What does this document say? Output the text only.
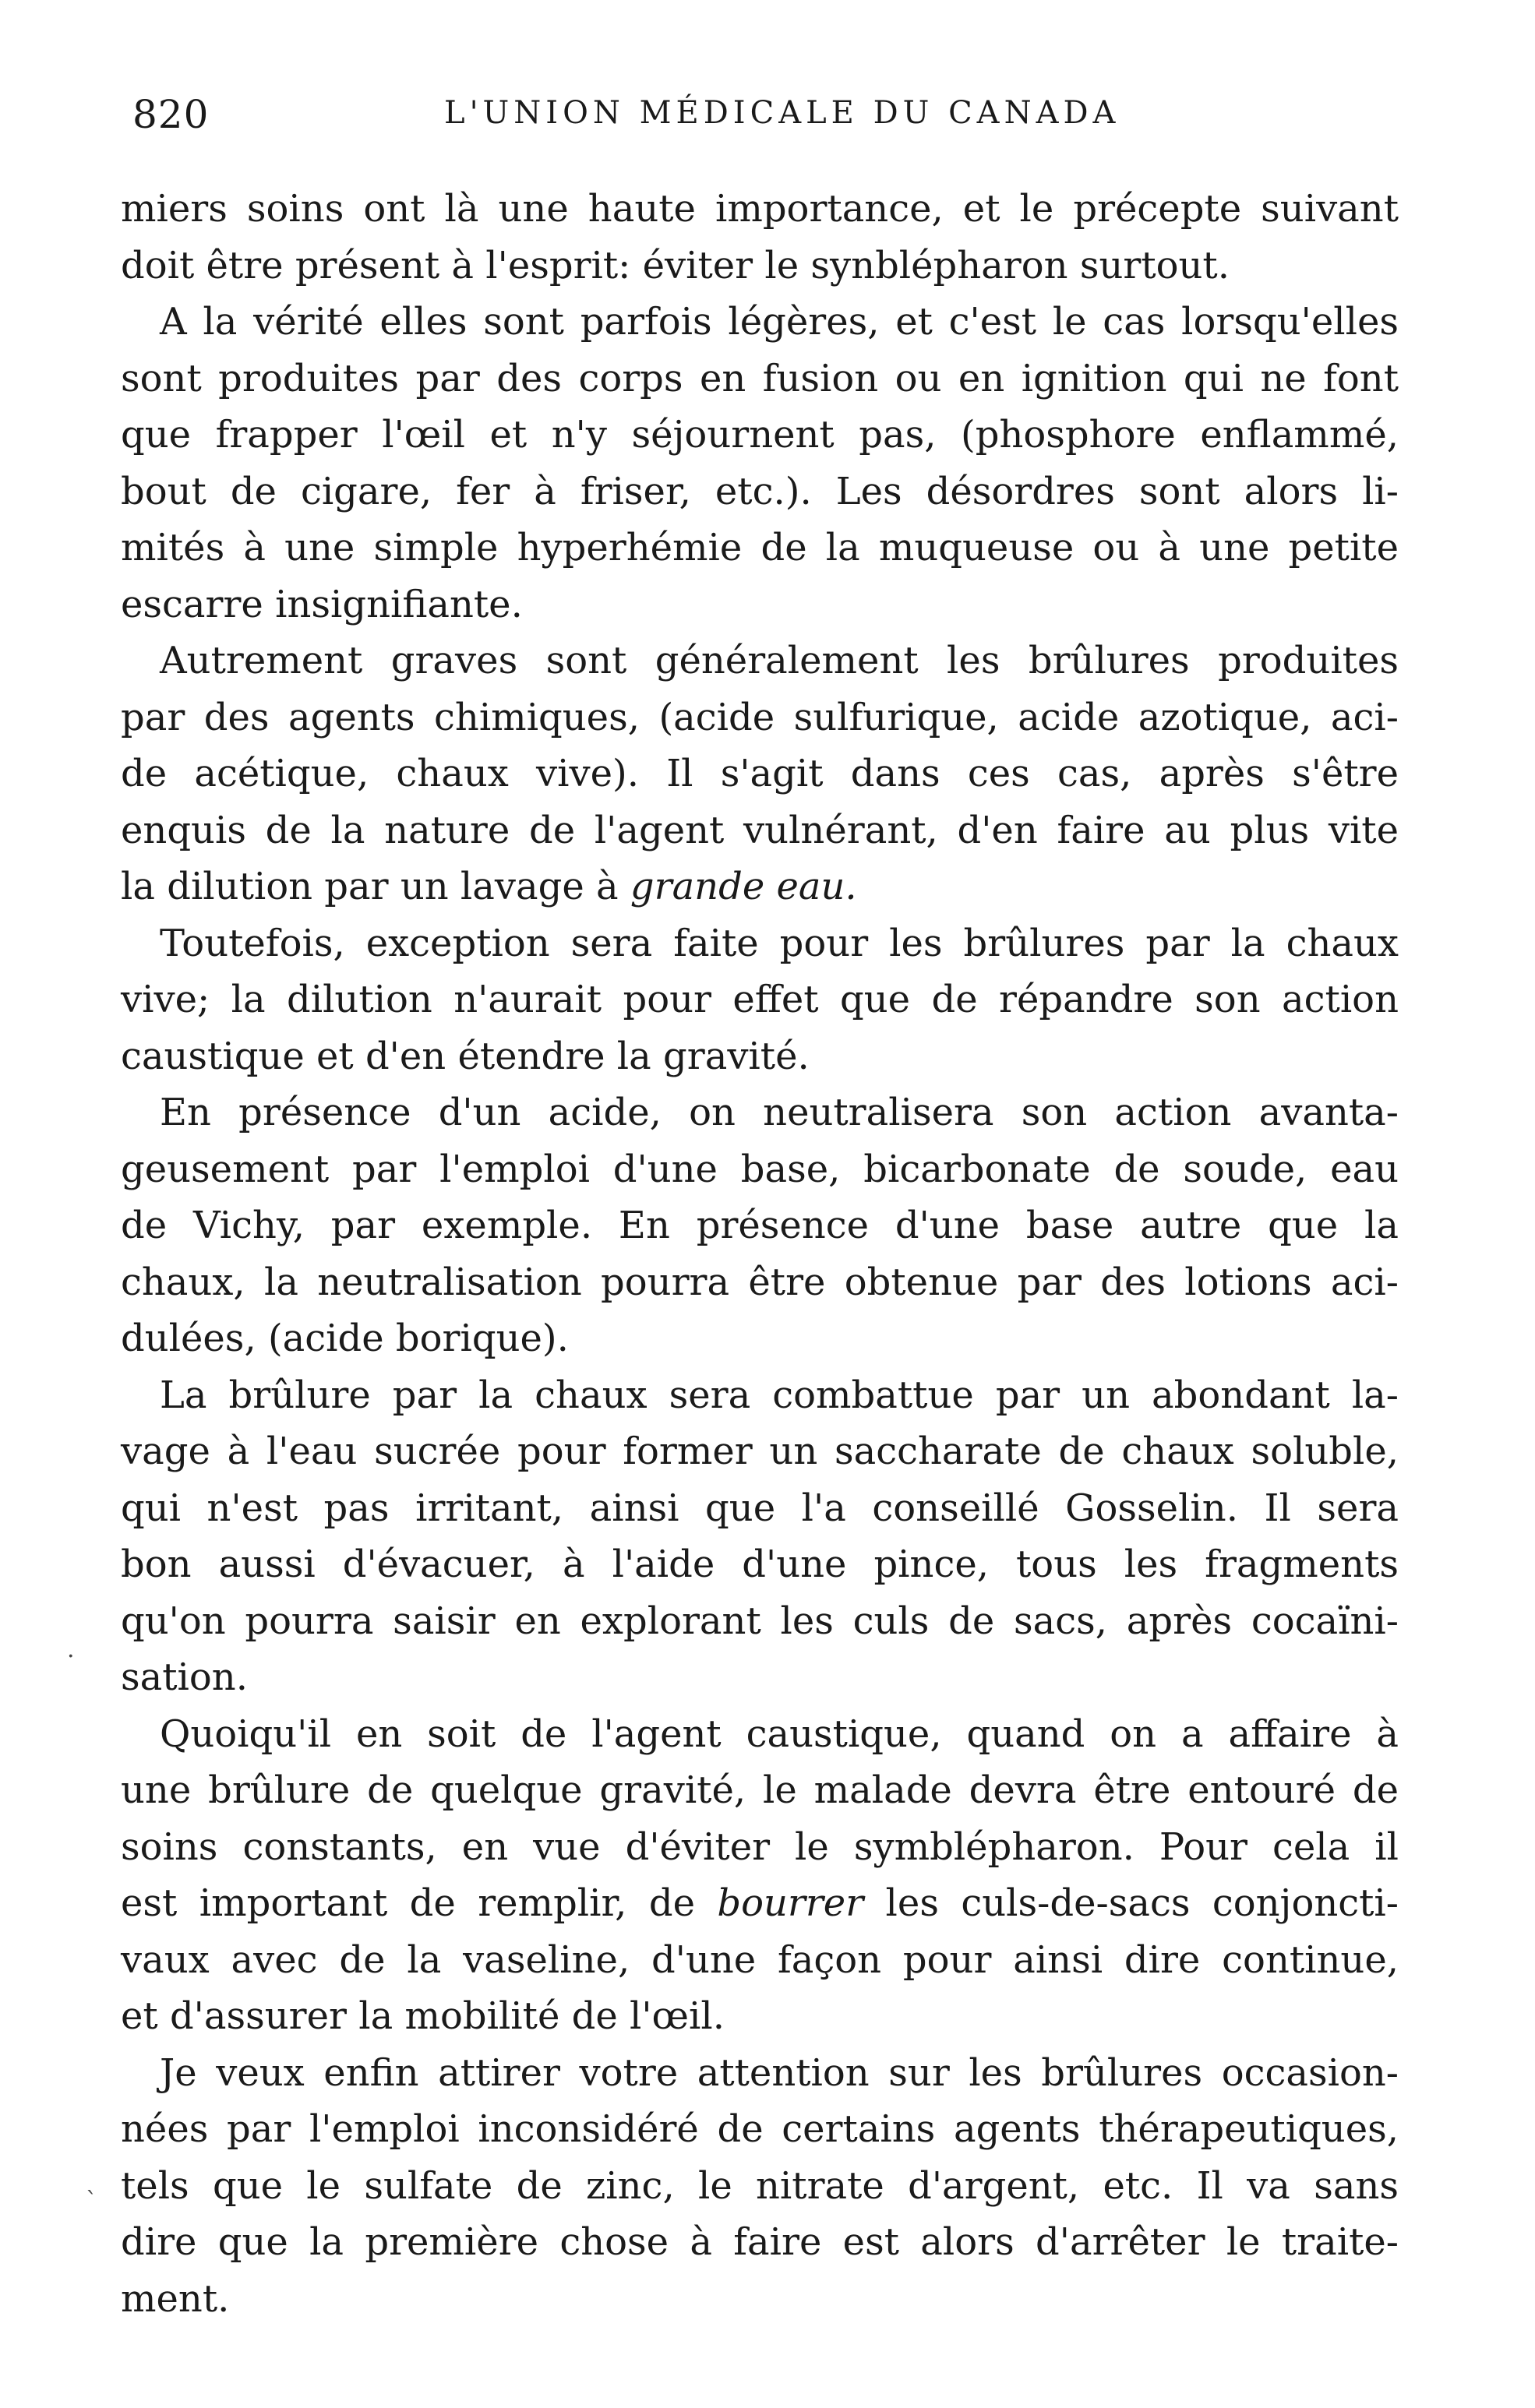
820	L'UNION MÉDICALE DU CANADA

miers soins ont là une haute importance, et le précepte suivant
doit être présent à l'esprit: éviter le synblépharon surtout.

A la vérité elles sont parfois légères, et c'est le cas lorsqu'elles
sont produites par des corps en fusion ou en ignition qui ne font
que frapper l'œil et n'y séjournent pas, (phosphore enflammé,
bout de cigare, fer à friser, etc.). Les désordres sont alors li-
mités à une simple hyperhémie de la muqueuse ou à une petite
escarre insignifiante.

Autrement graves sont généralement les brûlures produites
par des agents chimiques, (acide sulfurique, acide azotique, aci-
de acétique, chaux vive). Il s'agit dans ces cas, après s'être
enquis de la nature de l'agent vulnérant, d'en faire au plus vite
la dilution par un lavage à grande eau.

Toutefois, exception sera faite pour les brûlures par la chaux
vive; la dilution n'aurait pour effet que de répandre son action
caustique et d'en étendre la gravité.

En présence d'un acide, on neutralisera son action avanta-
geusement par l'emploi d'une base, bicarbonate de soude, eau
de Vichy, par exemple. En présence d'une base autre que la
chaux, la neutralisation pourra être obtenue par des lotions aci-
dulées, (acide borique).

La brûlure par la chaux sera combattue par un abondant la-
vage à l'eau sucrée pour former un saccharate de chaux soluble,
qui n'est pas irritant, ainsi que l'a conseillé Gosselin. Il sera
bon aussi d'évacuer, à l'aide d'une pince, tous les fragments
qu'on pourra saisir en explorant les culs de sacs, après cocaïni-
sation.

Quoiqu'il en soit de l'agent caustique, quand on a affaire à
une brûlure de quelque gravité, le malade devra être entouré de
soins constants, en vue d'éviter le symblépharon. Pour cela il
est important de remplir, de bourrer les culs-de-sacs conjoncti-
vaux avec de la vaseline, d'une façon pour ainsi dire continue,
et d'assurer la mobilité de l'œil.

Je veux enfin attirer votre attention sur les brûlures occasion-
nées par l'emploi inconsidéré de certains agents thérapeutiques,
tels que le sulfate de zinc, le nitrate d'argent, etc. Il va sans
dire que la première chose à faire est alors d'arrêter le traite-
ment.

.
`
